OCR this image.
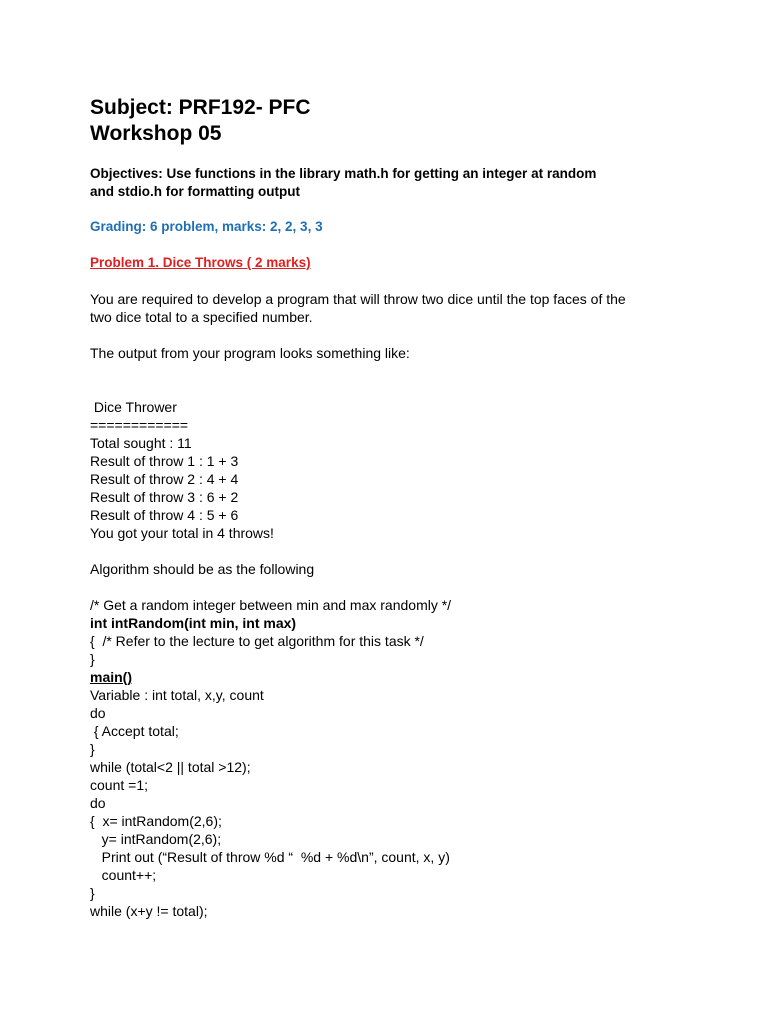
Subject: PRF192- PFC
Workshop 05
Objectives: Use functions in the library math.h for getting an integer at random
and stdio.h for formatting output
Grading: 6 problem, marks: 2, 2, 3, 3
Problem 1. Dice Throws ( 2 marks)
You are required to develop a program that will throw two dice until the top faces of the
two dice total to a specified number.
The output from your program looks something like:
Dice Thrower
============
Total sought : 11
Result of throw 1 : 1 + 3
Result of throw 2 : 4 + 4
Result of throw 3 : 6 + 2
Result of throw 4 : 5 + 6
You got your total in 4 throws!
Algorithm should be as the following
/* Get a random integer between min and max randomly */
int intRandom(int min, int max)
{  /* Refer to the lecture to get algorithm for this task */
}
main()
Variable : int total, x,y, count
do
{ Accept total;
}
while (total<2 || total >12);
count =1;
do
{  x= intRandom(2,6);
y= intRandom(2,6);
Print out (“Result of throw %d “  %d + %d\n”, count, x, y)
count++;
}
while (x+y != total);
